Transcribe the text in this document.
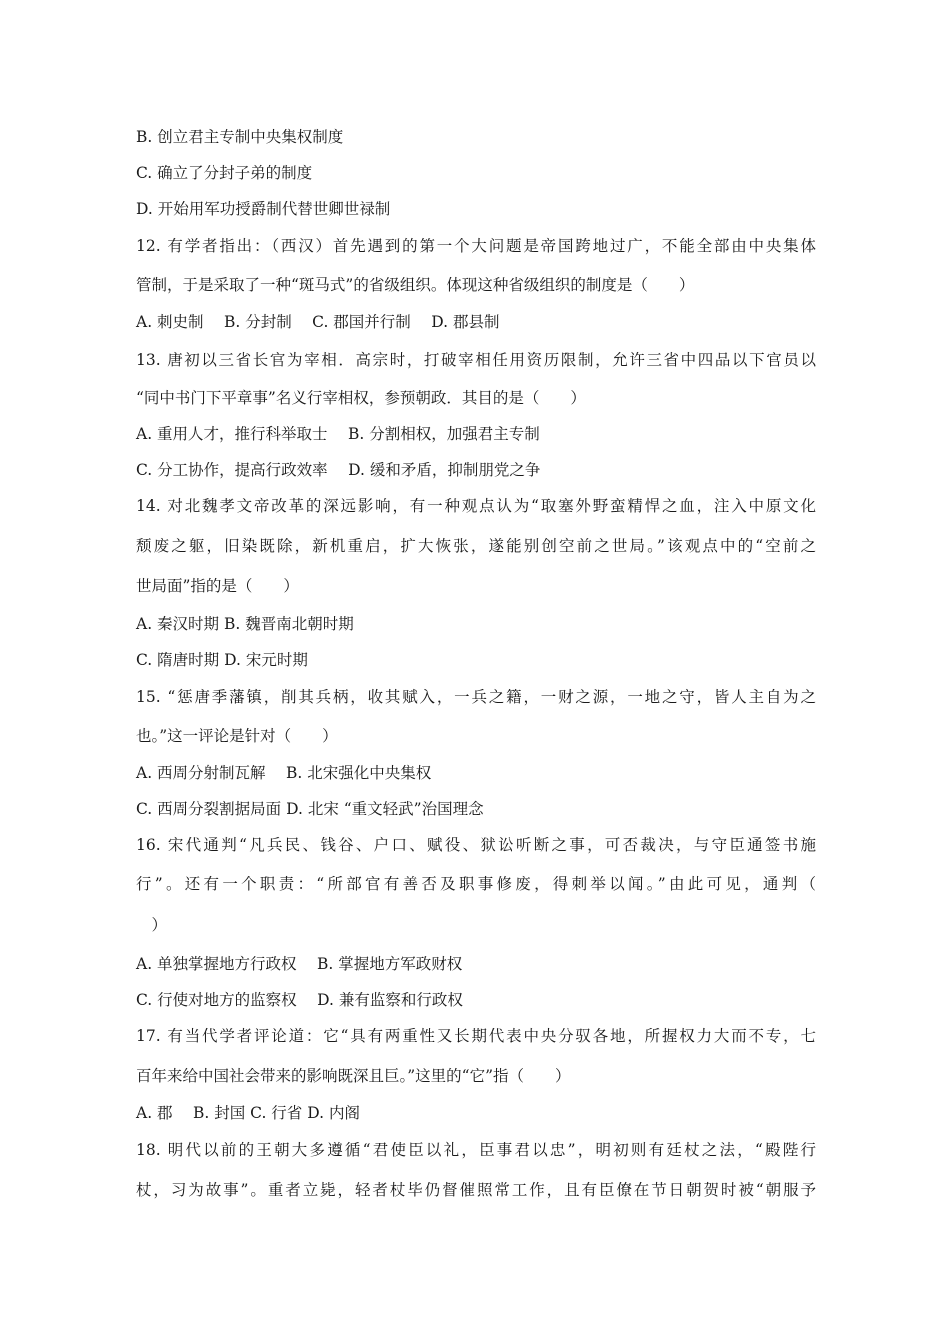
B. 创立君主专制中央集权制度
C. 确立了分封子弟的制度
D. 开始用军功授爵制代替世卿世禄制
12. 有学者指出：（西汉）首先遇到的第一个大问题是帝国跨地过广，不能全部由中央集体
管制，于是采取了一种“斑马式”的省级组织。体现这种省级组织的制度是（　　）
A. 刺史制　 B. 分封制　 C. 郡国并行制　 D. 郡县制
13. 唐初以三省长官为宰相．高宗时，打破宰相任用资历限制，允许三省中四品以下官员以
“同中书门下平章事”名义行宰相权，参预朝政．其目的是（　　）
A. 重用人才，推行科举取士　 B. 分割相权，加强君主专制
C. 分工协作，提高行政效率　 D. 缓和矛盾，抑制朋党之争
14. 对北魏孝文帝改革的深远影响，有一种观点认为“取塞外野蛮精悍之血，注入中原文化
颓废之躯，旧染既除，新机重启，扩大恢张，遂能别创空前之世局。”该观点中的“空前之
世局面”指的是（　　）
A. 秦汉时期 B. 魏晋南北朝时期
C. 隋唐时期 D. 宋元时期
15. “惩唐季藩镇，削其兵柄，收其赋入，一兵之籍，一财之源，一地之守，皆人主自为之
也。”这一评论是针对（　　）
A. 西周分射制瓦解　 B. 北宋强化中央集权
C. 西周分裂割据局面 D. 北宋 “重文轻武”治国理念
16. 宋代通判“凡兵民、钱谷、户口、赋役、狱讼听断之事，可否裁决，与守臣通签书施
行”。还有一个职责：“所部官有善否及职事修废，得刺举以闻。”由此可见，通判（
　）
A. 单独掌握地方行政权　 B. 掌握地方军政财权
C. 行使对地方的监察权　 D. 兼有监察和行政权
17. 有当代学者评论道：它“具有两重性又长期代表中央分驭各地，所握权力大而不专，七
百年来给中国社会带来的影响既深且巨。”这里的“它”指（　　）
A. 郡　 B. 封国 C. 行省 D. 内阁
18. 明代以前的王朝大多遵循“君使臣以礼，臣事君以忠”，明初则有廷杖之法，“殿陛行
杖，习为故事”。重者立毙，轻者杖毕仍督催照常工作，且有臣僚在节日朝贺时被“朝服予
